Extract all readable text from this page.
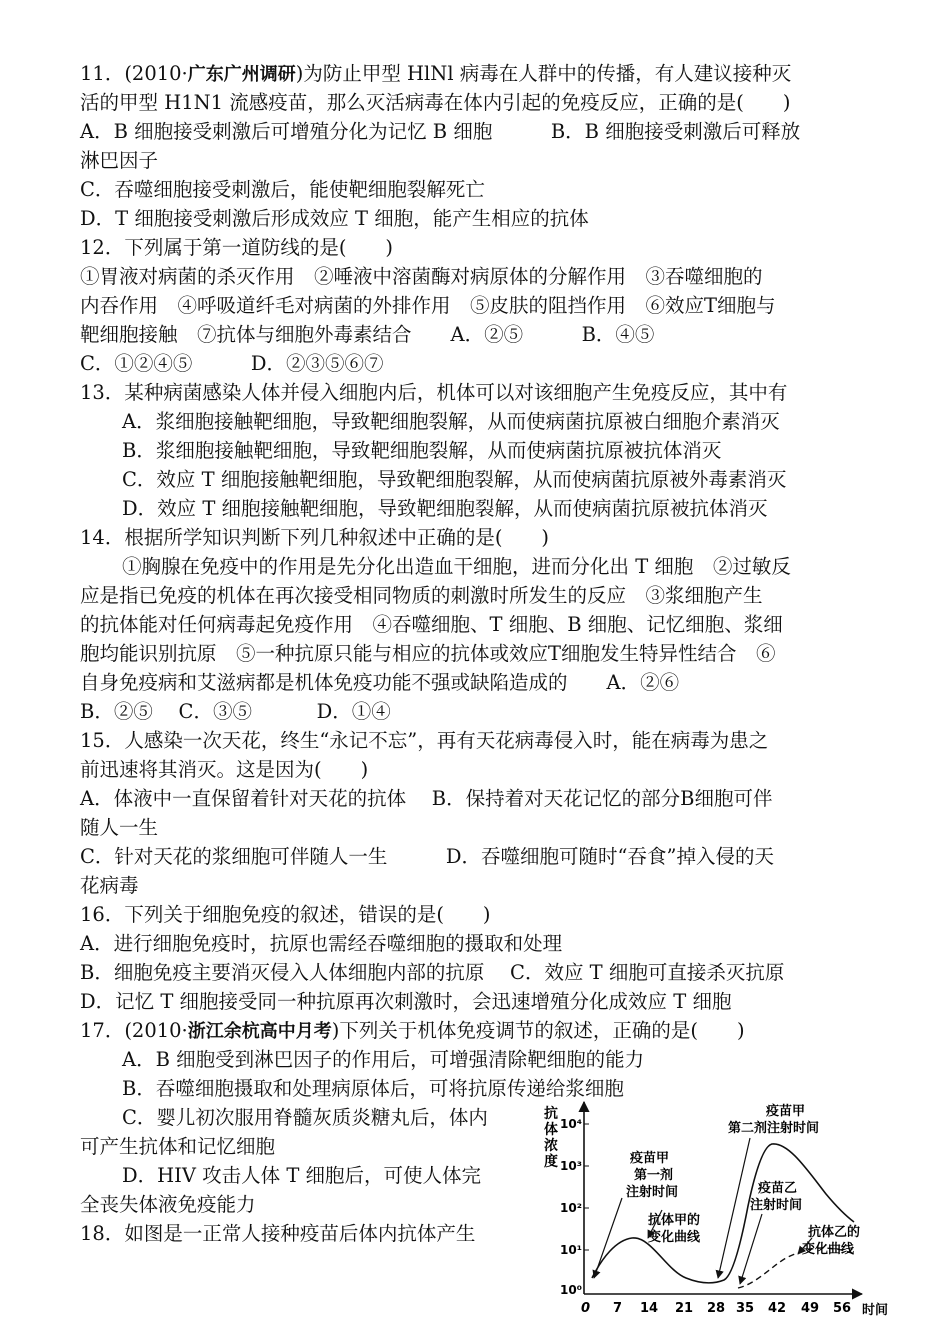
11．(2010·广东广州调研)为防止甲型 HlNl 病毒在人群中的传播，有人建议接种灭
活的甲型 H1N1 流感疫苗，那么灭活病毒在体内引起的免疫反应，正确的是(　　)
A．B 细胞接受刺激后可增殖分化为记忆 B 细胞　　　B．B 细胞接受刺激后可释放
淋巴因子
C．吞噬细胞接受刺激后，能使靶细胞裂解死亡
D．T 细胞接受刺激后形成效应 T 细胞，能产生相应的抗体
12．下列属于第一道防线的是(　　)
①胃液对病菌的杀灭作用　②唾液中溶菌酶对病原体的分解作用　③吞噬细胞的
内吞作用　④呼吸道纤毛对病菌的外排作用　⑤皮肤的阻挡作用　⑥效应T细胞与
靶细胞接触　⑦抗体与细胞外毒素结合　　A．②⑤　　　B．④⑤
C．①②④⑤　　　D．②③⑤⑥⑦
13．某种病菌感染人体并侵入细胞内后，机体可以对该细胞产生免疫反应，其中有
A．浆细胞接触靶细胞，导致靶细胞裂解，从而使病菌抗原被白细胞介素消灭
B．浆细胞接触靶细胞，导致靶细胞裂解，从而使病菌抗原被抗体消灭
C．效应 T 细胞接触靶细胞，导致靶细胞裂解，从而使病菌抗原被外毒素消灭
D．效应 T 细胞接触靶细胞，导致靶细胞裂解，从而使病菌抗原被抗体消灭
14．根据所学知识判断下列几种叙述中正确的是(　　)
①胸腺在免疫中的作用是先分化出造血干细胞，进而分化出 T 细胞　②过敏反
应是指已免疫的机体在再次接受相同物质的刺激时所发生的反应　③浆细胞产生
的抗体能对任何病毒起免疫作用　④吞噬细胞、T 细胞、B 细胞、记忆细胞、浆细
胞均能识别抗原　⑤一种抗原只能与相应的抗体或效应T细胞发生特异性结合　⑥
自身免疫病和艾滋病都是机体免疫功能不强或缺陷造成的　　A．②⑥
B．②⑤　 C．③⑤　　　 D．①④
15．人感染一次天花，终生“永记不忘”，再有天花病毒侵入时，能在病毒为患之
前迅速将其消灭。这是因为(　　)
A．体液中一直保留着针对天花的抗体　 B．保持着对天花记忆的部分B细胞可伴
随人一生
C．针对天花的浆细胞可伴随人一生　　　D．吞噬细胞可随时“吞食”掉入侵的天
花病毒
16．下列关于细胞免疫的叙述，错误的是(　　)
A．进行细胞免疫时，抗原也需经吞噬细胞的摄取和处理
B．细胞免疫主要消灭侵入人体细胞内部的抗原　 C．效应 T 细胞可直接杀灭抗原
D．记忆 T 细胞接受同一种抗原再次刺激时，会迅速增殖分化成效应 T 细胞
17．(2010·浙江余杭高中月考)下列关于机体免疫调节的叙述，正确的是(　　)
A．B 细胞受到淋巴因子的作用后，可增强清除靶细胞的能力
B．吞噬细胞摄取和处理病原体后，可将抗原传递给浆细胞
C．婴儿初次服用脊髓灰质炎糖丸后，体内
可产生抗体和记忆细胞
D．HIV 攻击人体 T 细胞后，可使人体完
全丧失体液免疫能力
18．如图是一正常人接种疫苗后体内抗体产生
抗
体
浓
度
10⁴
10³
10²
10¹
10⁰
0 7 14 21 28 35 42 49 56 时间
疫苗甲
第一剂
注射时间
疫苗甲
第二剂注射时间
疫苗乙
注射时间
抗体甲的
变化曲线	抗体乙的
变化曲线
